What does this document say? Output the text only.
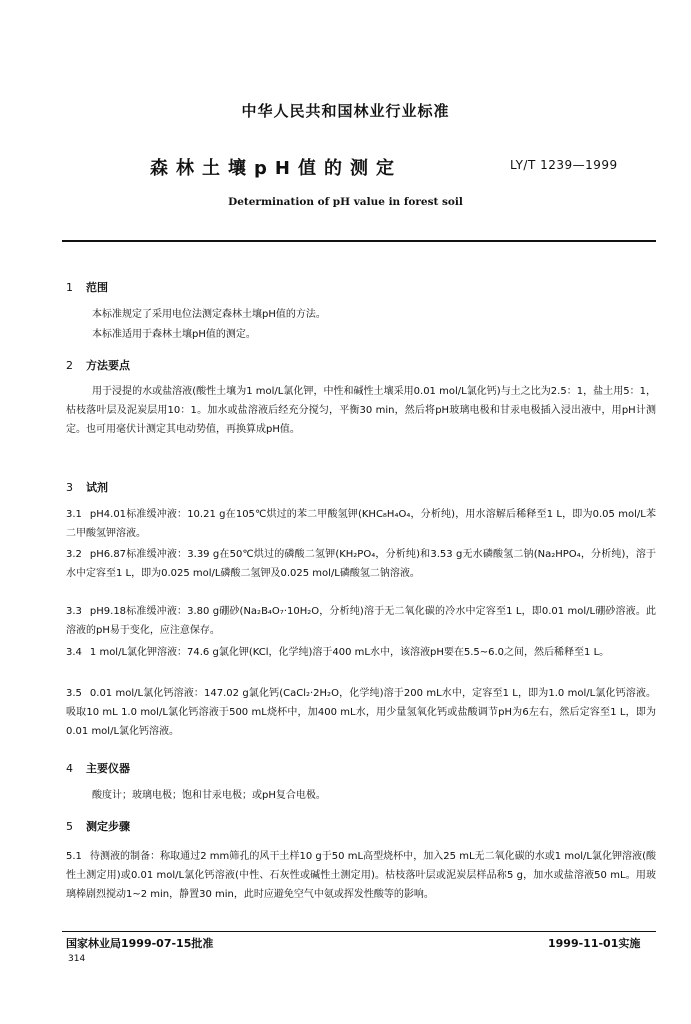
中华人民共和国林业行业标准
森林土壤pH值的测定	LY/T 1239—1999
Determination of pH value in forest soil
1 范围
本标准规定了采用电位法测定森林土壤pH值的方法。
本标准适用于森林土壤pH值的测定。
2 方法要点
用于浸提的水或盐溶液(酸性土壤为1 mol/L氯化钾，中性和碱性土壤采用0.01 mol/L氯化钙)与土之比为2.5：1，盐土用5：1，枯枝落叶层及泥炭层用10：1。加水或盐溶液后经充分搅匀，平衡30 min，然后将pH玻璃电极和甘汞电极插入浸出液中，用pH计测定。也可用毫伏计测定其电动势值，再换算成pH值。
3 试剂
3.1 pH4.01标准缓冲液：10.21 g在105℃烘过的苯二甲酸氢钾(KHC₈H₄O₄，分析纯)，用水溶解后稀释至1 L，即为0.05 mol/L苯二甲酸氢钾溶液。
3.2 pH6.87标准缓冲液：3.39 g在50℃烘过的磷酸二氢钾(KH₂PO₄，分析纯)和3.53 g无水磷酸氢二钠(Na₂HPO₄，分析纯)，溶于水中定容至1 L，即为0.025 mol/L磷酸二氢钾及0.025 mol/L磷酸氢二钠溶液。
3.3 pH9.18标准缓冲液：3.80 g硼砂(Na₂B₄O₇·10H₂O，分析纯)溶于无二氧化碳的冷水中定容至1 L，即0.01 mol/L硼砂溶液。此溶液的pH易于变化，应注意保存。
3.4 1 mol/L氯化钾溶液：74.6 g氯化钾(KCl，化学纯)溶于400 mL水中，该溶液pH要在5.5~6.0之间，然后稀释至1 L。
3.5 0.01 mol/L氯化钙溶液：147.02 g氯化钙(CaCl₂·2H₂O，化学纯)溶于200 mL水中，定容至1 L，即为1.0 mol/L氯化钙溶液。吸取10 mL 1.0 mol/L氯化钙溶液于500 mL烧杯中，加400 mL水，用少量氢氧化钙或盐酸调节pH为6左右，然后定容至1 L，即为0.01 mol/L氯化钙溶液。
4 主要仪器
酸度计；玻璃电极；饱和甘汞电极；或pH复合电极。
5 测定步骤
5.1 待测液的制备：称取通过2 mm筛孔的风干土样10 g于50 mL高型烧杯中，加入25 mL无二氧化碳的水或1 mol/L氯化钾溶液(酸性土测定用)或0.01 mol/L氯化钙溶液(中性、石灰性或碱性土测定用)。枯枝落叶层或泥炭层样品称5 g，加水或盐溶液50 mL。用玻璃棒剧烈搅动1~2 min，静置30 min，此时应避免空气中氨或挥发性酸等的影响。
国家林业局1999-07-15批准	1999-11-01实施
314
